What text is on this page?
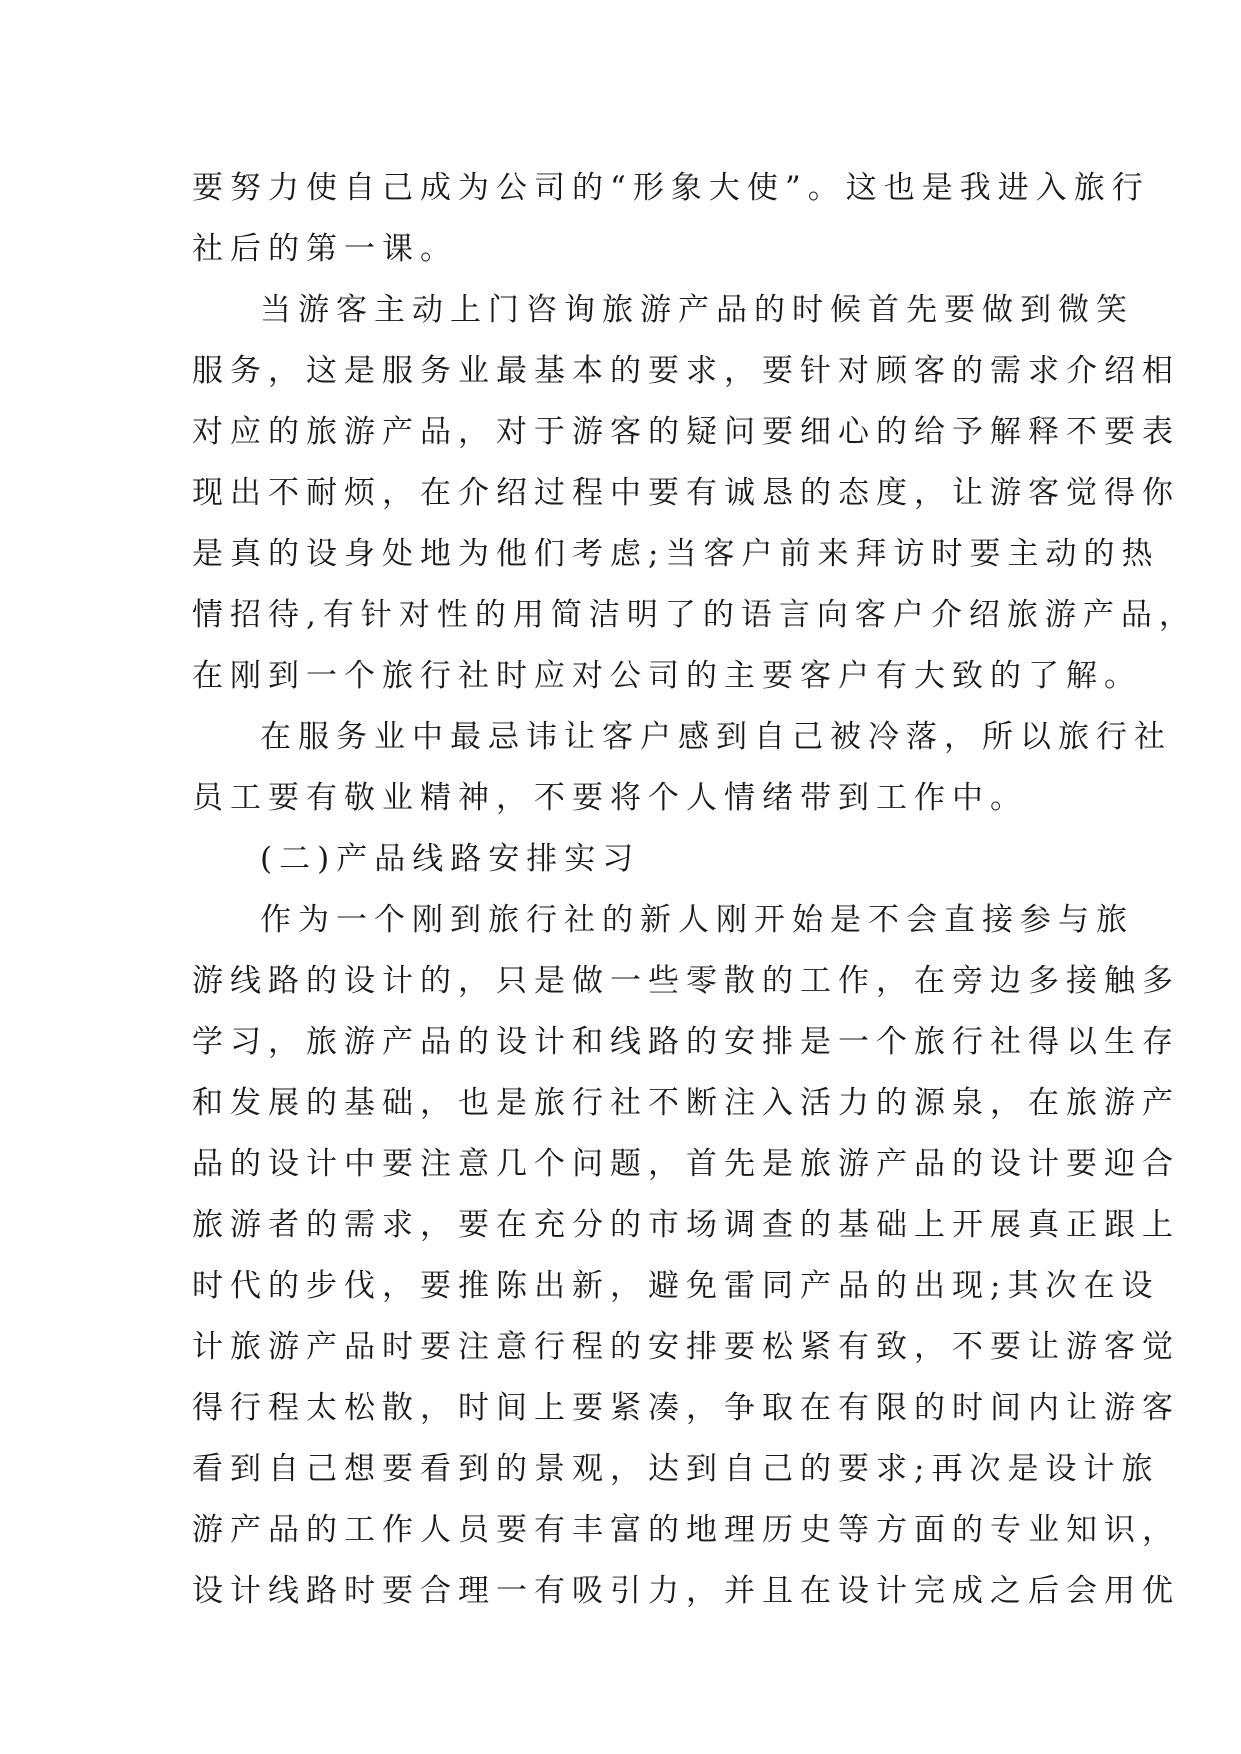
要努力使自己成为公司的“形象大使”。这也是我进入旅行
社后的第一课。

当游客主动上门咨询旅游产品的时候首先要做到微笑
服务，这是服务业最基本的要求，要针对顾客的需求介绍相
对应的旅游产品，对于游客的疑问要细心的给予解释不要表
现出不耐烦，在介绍过程中要有诚恳的态度，让游客觉得你
是真的设身处地为他们考虑;当客户前来拜访时要主动的热
情招待,有针对性的用简洁明了的语言向客户介绍旅游产品，
在刚到一个旅行社时应对公司的主要客户有大致的了解。

在服务业中最忌讳让客户感到自己被冷落，所以旅行社
员工要有敬业精神，不要将个人情绪带到工作中。

(二)产品线路安排实习

作为一个刚到旅行社的新人刚开始是不会直接参与旅
游线路的设计的，只是做一些零散的工作，在旁边多接触多
学习，旅游产品的设计和线路的安排是一个旅行社得以生存
和发展的基础，也是旅行社不断注入活力的源泉，在旅游产
品的设计中要注意几个问题，首先是旅游产品的设计要迎合
旅游者的需求，要在充分的市场调查的基础上开展真正跟上
时代的步伐，要推陈出新，避免雷同产品的出现;其次在设
计旅游产品时要注意行程的安排要松紧有致，不要让游客觉
得行程太松散，时间上要紧凑，争取在有限的时间内让游客
看到自己想要看到的景观，达到自己的要求;再次是设计旅
游产品的工作人员要有丰富的地理历史等方面的专业知识，
设计线路时要合理一有吸引力，并且在设计完成之后会用优
